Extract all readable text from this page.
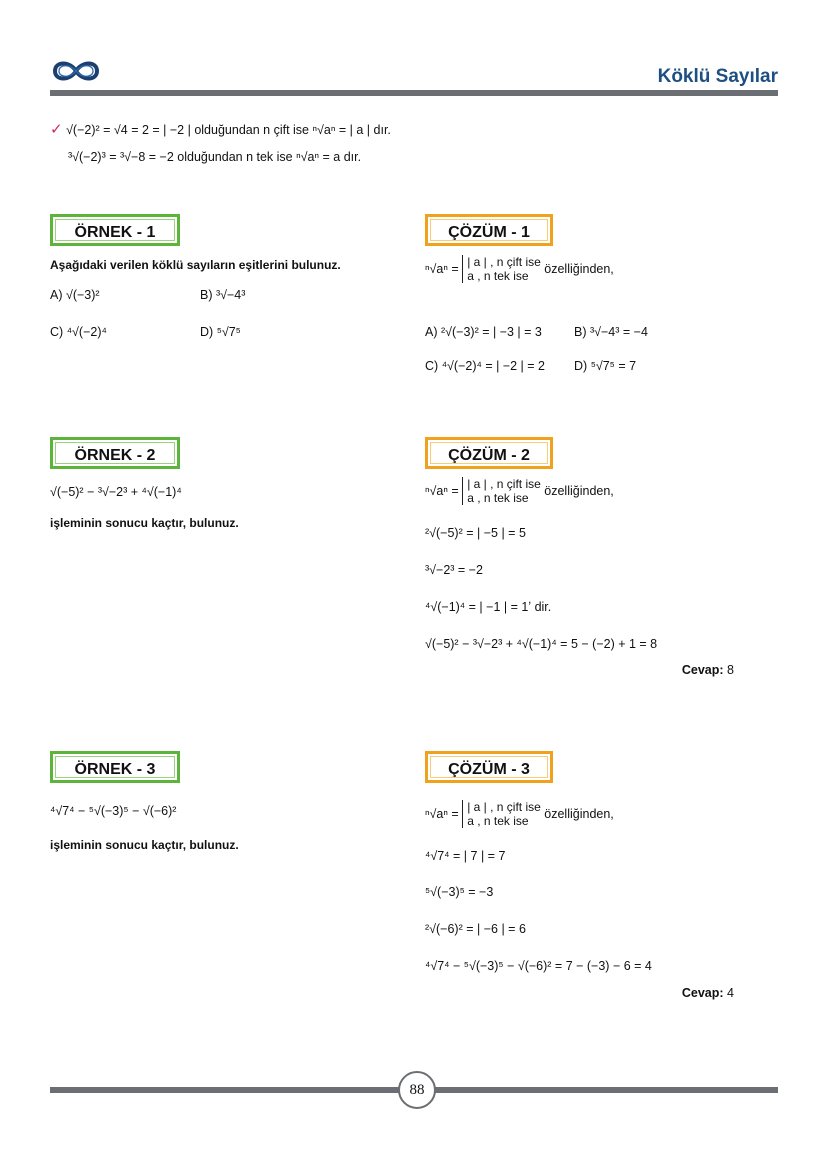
Köklü Sayılar
✓ √(−2)² = √4 = 2 = | −2 | olduğundan n çift ise ⁿ√aⁿ = | a | dır.
³√(−2)³ = ³√−8 = −2 olduğundan n tek ise ⁿ√aⁿ = a dır.
ÖRNEK - 1
Aşağıdaki verilen köklü sayıların eşitlerini bulunuz.
A) √(−3)²	B) ³√−4³
C) ⁴√(−2)⁴	D) ⁵√7⁵
ÇÖZÜM - 1
ⁿ√aⁿ = | a | , n çift ise
a , n tek ise özelliğinden,
A) ²√(−3)² = | −3 | = 3	B) ³√−4³ = −4
C) ⁴√(−2)⁴ = | −2 | = 2 D) ⁵√7⁵ = 7
ÖRNEK - 2
√(−5)² − ³√−2³ + ⁴√(−1)⁴
işleminin sonucu kaçtır, bulunuz.
ÇÖZÜM - 2
ⁿ√aⁿ = | a | , n çift ise
a , n tek ise özelliğinden,
²√(−5)² = | −5 | = 5
³√−2³ = −2
⁴√(−1)⁴ = | −1 | = 1ʼ dir.
√(−5)² − ³√−2³ + ⁴√(−1)⁴ = 5 − (−2) + 1 = 8
Cevap: 8
ÖRNEK - 3
⁴√7⁴ − ⁵√(−3)⁵ − √(−6)²
işleminin sonucu kaçtır, bulunuz.
ÇÖZÜM - 3
ⁿ√aⁿ = | a | , n çift ise
a , n tek ise özelliğinden,
⁴√7⁴ = | 7 | = 7
⁵√(−3)⁵ = −3
²√(−6)² = | −6 | = 6
⁴√7⁴ − ⁵√(−3)⁵ − √(−6)² = 7 − (−3) − 6 = 4
Cevap: 4
88
